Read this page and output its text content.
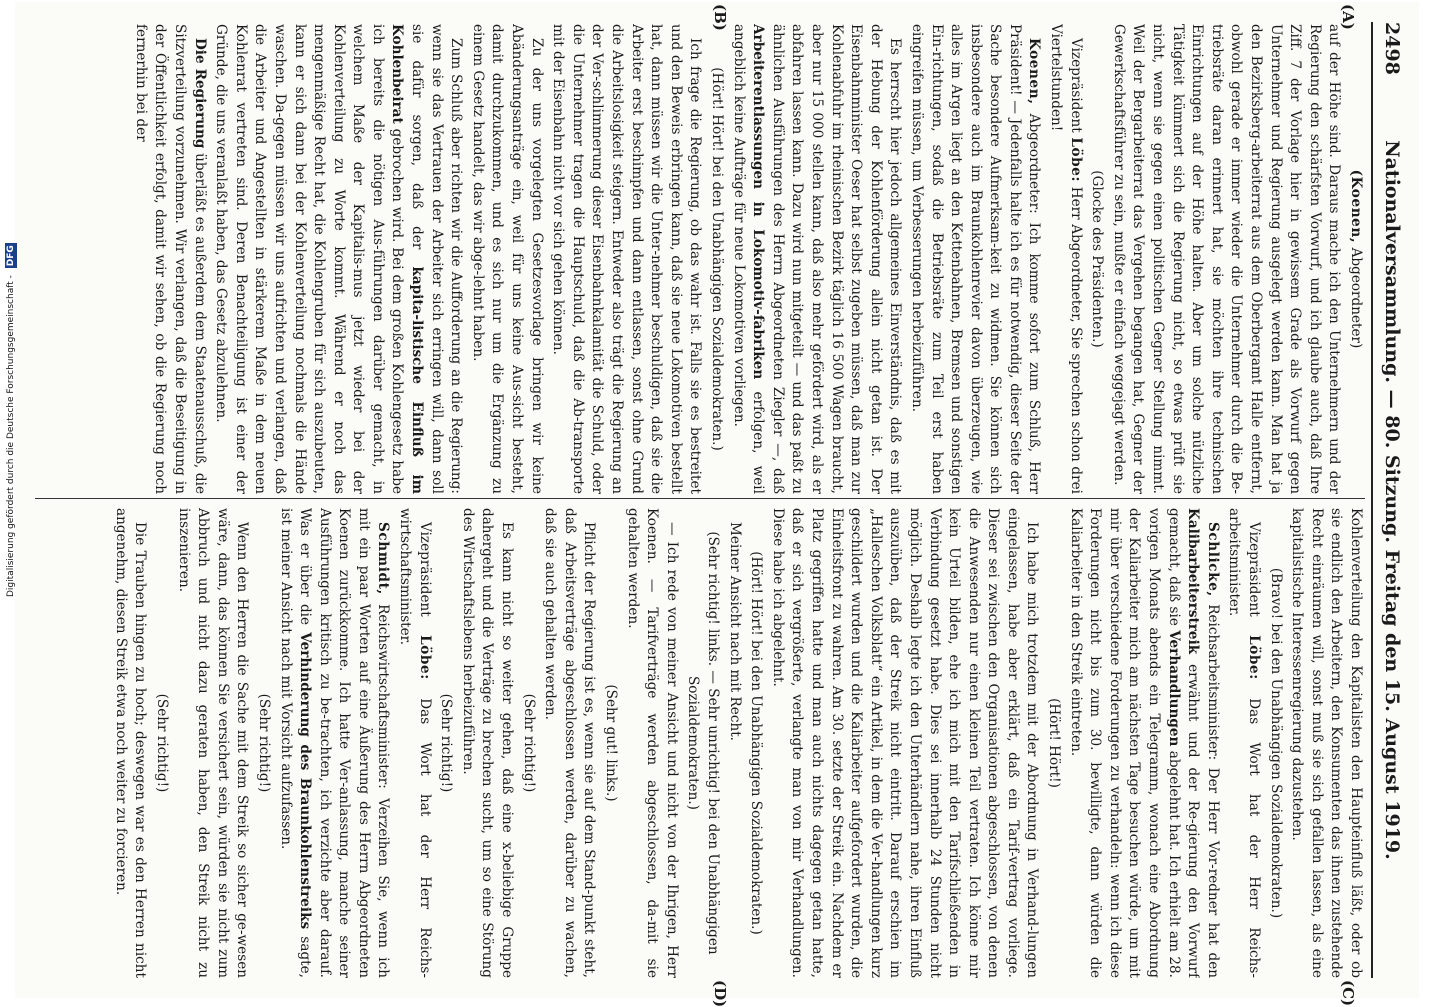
2498
Nationalversammlung. — 80. Sitzung. Freitag den 15. August 1919.
(A)
(B)
(C)
(D)

(Koenen, Abgeordneter)

auf der Höhe sind. Daraus mache ich den Unternehmern und der Regierung den schärfsten Vorwurf, und ich glaube auch, daß Ihre Ziff. 7 der Vorlage hier in gewissem Grade als Vorwurf gegen Unternehmer und Regierung ausgelegt werden kann. Man hat ja den Bezirksberg-arbeiterrat aus dem Oberbergamt Halle entfernt, obwohl gerade er immer wieder die Unternehmer durch die Be-triebsräte daran erinnert hat, sie möchten ihre technischen Einrichtungen auf der Höhe halten. Aber um solche nützliche Tätigkeit kümmert sich die Regierung nicht, so etwas prüft sie nicht, wenn sie gegen einen politischen Gegner Stellung nimmt. Weil der Bergarbeiterrat das Vergehen begangen hat, Gegner der Gewerkschaftsführer zu sein, mußte er einfach weggejagt werden.

(Glocke des Präsidenten.)

Vizepräsident Löbe: Herr Abgeordneter, Sie sprechen schon drei Viertelstunden!

Koenen, Abgeordneter: Ich komme sofort zum Schluß, Herr Präsident! — Jedenfalls halte ich es für notwendig, dieser Seite der Sache besondere Aufmerksam-keit zu widmen. Sie können sich insbesondere auch im Braunkohlenrevier davon überzeugen, wie alles im Argen liegt an den Kettenbahnen, Bremsen und sonstigen Ein-richtungen, sodaß die Betriebsräte zum Teil erst haben eingreifen müssen, um Verbesserungen herbeizuführen.

Es herrscht hier jedoch allgemeines Einverständnis, daß es mit der Hebung der Kohlenförderung allein nicht getan ist. Der Eisenbahnminister Oeser hat selbst zugeben müssen, daß man zur Kohlenabfuhr im rheinischen Bezirk täglich 16 500 Wagen braucht, aber nur 15 000 stellen kann, daß also mehr gefördert wird, als er abfahren lassen kann. Dazu wird nun mitgeteilt — und das paßt zu ähnlichen Ausführungen des Herrn Abgeordneten Ziegler —, daß Arbeiterentlassungen in Lokomotiv-fabriken erfolgen, weil angeblich keine Aufträge für neue Lokomotiven vorliegen.

(Hört! Hört! bei den Unabhängigen Sozialdemokraten.)

Ich frage die Regierung, ob das wahr ist. Falls sie es bestreitet und den Beweis erbringen kann, daß sie neue Lokomotiven bestellt hat, dann müssen wir die Unter-nehmer beschuldigen, daß sie die Arbeiter erst beschimpfen und dann entlassen, sonst ohne Grund die Arbeitslosigkeit steigern. Entweder also trägt die Regierung an der Ver-schlimmerung dieser Eisenbahnkalamität die Schuld, oder die Unternehmer tragen die Hauptschuld, daß die Ab-transporte mit der Eisenbahn nicht vor sich gehen können.

Zu der uns vorgelegten Gesetzesvorlage bringen wir keine Abänderungsanträge ein, weil für uns keine Aus-sicht besteht, damit durchzukommen, und es sich nur um die Ergänzung zu einem Gesetz handelt, das wir abge-lehnt haben.

Zum Schluß aber richten wir die Aufforderung an die Regierung: wenn sie das Vertrauen der Arbeiter sich erringen will, dann soll sie dafür sorgen, daß der kapita-listische Einfluß im Kohlenbeirat gebrochen wird. Bei dem großen Kohlengesetz habe ich bereits die nötigen Aus-führungen darüber gemacht, in welchem Maße der Kapitalis-mus jetzt wieder bei der Kohlenverteilung zu Worte kommt. Während er noch das mengenmäßige Recht hat, die Kohlengruben für sich auszubeuten, kann er sich dann bei der Kohlenverteilung nochmals die Hände waschen. Da-gegen müssen wir uns aufrichten und verlangen, daß die Arbeiter und Angestellten in stärkerem Maße in dem neuen Kohlenrat vertreten sind. Deren Benachteiligung ist einer der Gründe, die uns veranlaßt haben, das Gesetz abzulehnen.

Die Regierung überläßt es außerdem dem Staatenausschuß, die Sitzverteilung vorzunehmen. Wir verlangen, daß die Beseitigung in der Öffentlichkeit erfolgt, damit wir sehen, ob die Regierung noch fernerhin bei der

Kohlenverteilung den Kapitalisten den Haupteinfluß läßt, oder ob sie endlich den Arbeitern, den Konsumenten das ihnen zustehende Recht einräumen will, sonst muß sie sich gefallen lassen, als eine kapitalistische Interessenregierung dazustehen.

(Bravo! bei den Unabhängigen Sozialdemokraten.)

Vizepräsident Löbe: Das Wort hat der Herr Reichs-arbeitsminister.

Schlicke, Reichsarbeitsminister: Der Herr Vor-redner hat den Kalibarbeiterstreik erwähnt und der Re-gierung den Vorwurf gemacht, daß sie Verhandlungen abgelehnt hat. Ich erhielt am 28. vorigen Monats abends ein Telegramm, wonach eine Abordnung der Kaliarbeiter mich am nächsten Tage besuchen würde, um mit mir über verschiedene Forderungen zu verhandeln: wenn ich diese Forderungen nicht bis zum 30. bewilligte, dann würden die Kaliarbeiter in den Streik eintreten.

(Hört! Hört!)

Ich habe mich trotzdem mit der Abordnung in Verhand-lungen eingelassen, habe aber erklärt, daß ein Tarif-vertrag vorliege. Dieser sei zwischen den Organisationen abgeschlossen, von denen die Anwesenden nur einen kleinen Teil vertraten. Ich könne mir kein Urteil bilden, ehe ich mich mit den Tarifschließenden in Verbindung gesetzt habe. Dies sei innerhalb 24 Stunden nicht möglich. Deshalb legte ich den Unterhändlern nahe, ihren Einfluß auszuüben, daß der Streik nicht eintritt. Darauf erschien im „Halleschen Volksblatt“ ein Artikel, in dem die Ver-handlungen kurz geschildert wurden und die Kaliarbeiter aufgefordert wurden, die Einheitsfront zu wahren. Am 30. setzte der Streik ein. Nachdem er Platz gegriffen hatte und man auch nichts dagegen getan hatte, daß er sich vergrößerte, verlangte man von mir Verhandlungen. Diese habe ich abgelehnt.

(Hört! Hört! bei den Unabhängigen Sozialdemokraten.)

Meiner Ansicht nach mit Recht.

(Sehr richtig! links. — Sehr unrichtig! bei den Unabhängigen Sozialdemokraten.)

— Ich rede von meiner Ansicht und nicht von der Ihrigen, Herr Koenen. — Tarifverträge werden abgeschlossen, da-mit sie gehalten werden.

(Sehr gut! links.)

Pflicht der Regierung ist es, wenn sie auf dem Stand-punkt steht, daß Arbeitsverträge abgeschlossen werden, darüber zu wachen, daß sie auch gehalten werden.

(Sehr richtig!)

Es kann nicht so weiter gehen, daß eine x-beliebige Gruppe dahergeht und die Verträge zu brechen sucht, um so eine Störung des Wirtschaftslebens herbeizuführen.

(Sehr richtig!)

Vizepräsident Löbe: Das Wort hat der Herr Reichs-wirtschaftsminister.

Schmidt, Reichswirtschaftsminister: Verzeihen Sie, wenn ich mit ein paar Worten auf eine Äußerung des Herrn Abgeordneten Koenen zurückkomme. Ich hatte Ver-anlassung, manche seiner Ausführungen kritisch zu be-trachten, ich verzichte aber darauf. Was er über die Verhinderung des Braunkohlenstreiks sagte, ist meiner Ansicht nach mit Vorsicht aufzufassen.

(Sehr richtig!)

Wenn den Herren die Sache mit dem Streik so sicher ge-wesen wäre, dann, das können Sie versichert sein, würden sie nicht zum Abbruch und nicht dazu geraten haben, den Streik nicht zu inszenieren.

(Sehr richtig!)

Die Trauben hingen zu hoch; deswegen war es den Herren nicht angenehm, diesen Streik etwa noch weiter zu forcieren.

Digitalisierung gefördert durch die Deutsche Forschungsgemeinschaft - DFG
